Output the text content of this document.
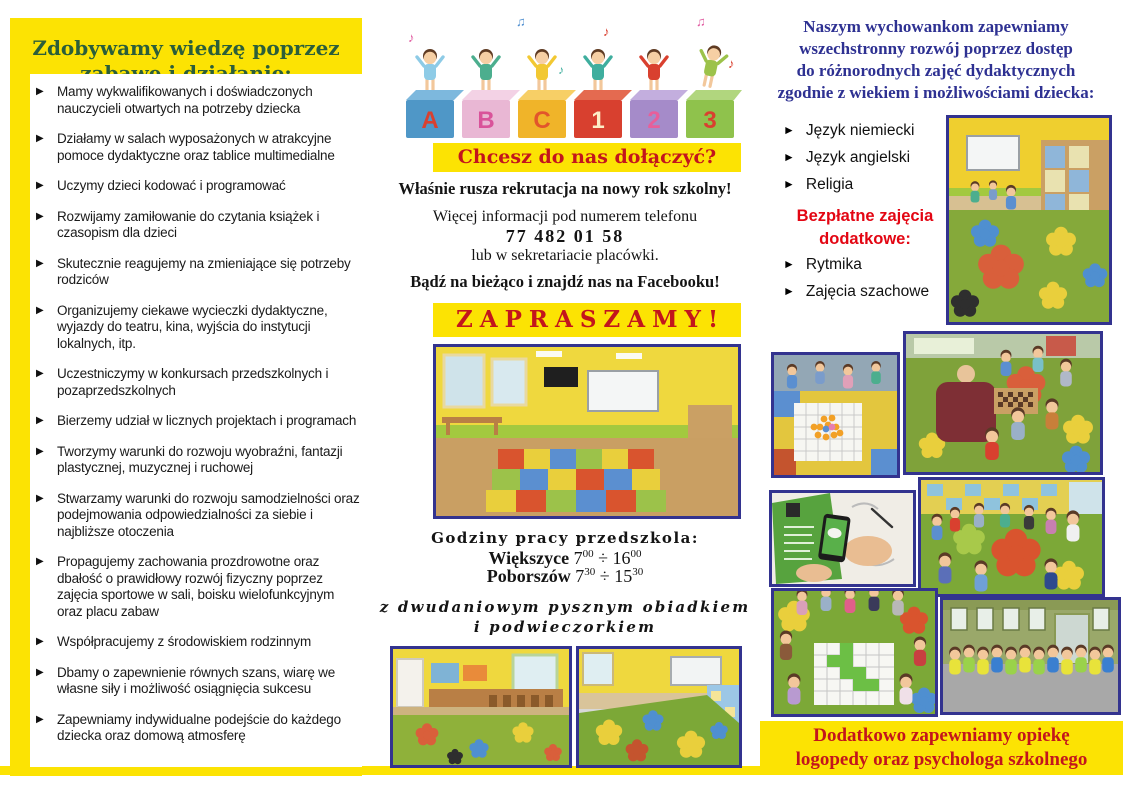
Zdobywamy wiedzę poprzez
▶	Mamy wykwalifikowanych i doświadczonych nauczycieli otwartych na potrzeby dziecka
▶	Działamy w salach wyposażonych w atrakcyjne pomoce dydaktyczne oraz tablice multimedialne
▶	Uczymy dzieci kodować i programować
▶	Rozwijamy zamiłowanie do czytania książek i czasopism dla dzieci
▶	Skutecznie reagujemy na zmieniające się potrzeby rodziców
▶	Organizujemy ciekawe wycieczki dydaktyczne, wyjazdy do teatru, kina, wyjścia do instytucji lokalnych, itp.
▶	Uczestniczymy w konkursach przedszkolnych i pozaprzedszkolnych
▶	Bierzemy udział w licznych projektach i programach
▶	Tworzymy warunki do rozwoju wyobraźni, fantazji plastycznej, muzycznej i ruchowej
▶	Stwarzamy warunki do rozwoju samodzielności oraz podejmowania odpowiedzialności za siebie i najbliższe otoczenia
▶	Propagujemy zachowania prozdrowotne oraz dbałość o prawidłowy rozwój fizyczny poprzez zajęcia sportowe w sali, boisku wielofunkcyjnym oraz placu zabaw
▶	Współpracujemy z środowiskiem rodzinnym
▶	Dbamy o zapewnienie równych szans, wiarę we własne siły i możliwość osiągnięcia sukcesu
▶	Zapewniamy indywidualne podejście do każdego dziecka oraz domową atmosferę
♪
♫
♪
♫
♪
♪
A B C 1 2 3
Chcesz do nas dołączyć?

Właśnie rusza rekrutacja na nowy rok szkolny!

Więcej informacji pod numerem telefonu

77 482 01 58

lub w sekretariacie placówki.

Bądź na bieżąco i znajdź nas na Facebooku!

ZAPRASZAMY!

Godziny pracy przedszkola:

Większyce $7^{00} \div 16^{00}$

Poborszów $7^{30} \div 15^{30}$

z dwudaniowym pysznym obiadkiem

i podwieczorkiem

Naszym wychowankom zapewniamy
wszechstronny rozwój poprzez dostęp
do różnorodnych zajęć dydaktycznych
zgodnie z wiekiem i możliwościami dziecka:
► Język niemiecki
► Język angielski
► Religia
Bezpłatne zajęcia
dodatkowe:
► Rytmika
► Zajęcia szachowe
Dodatkowo zapewniamy opiekę
logopedy oraz psychologa szkolnego
